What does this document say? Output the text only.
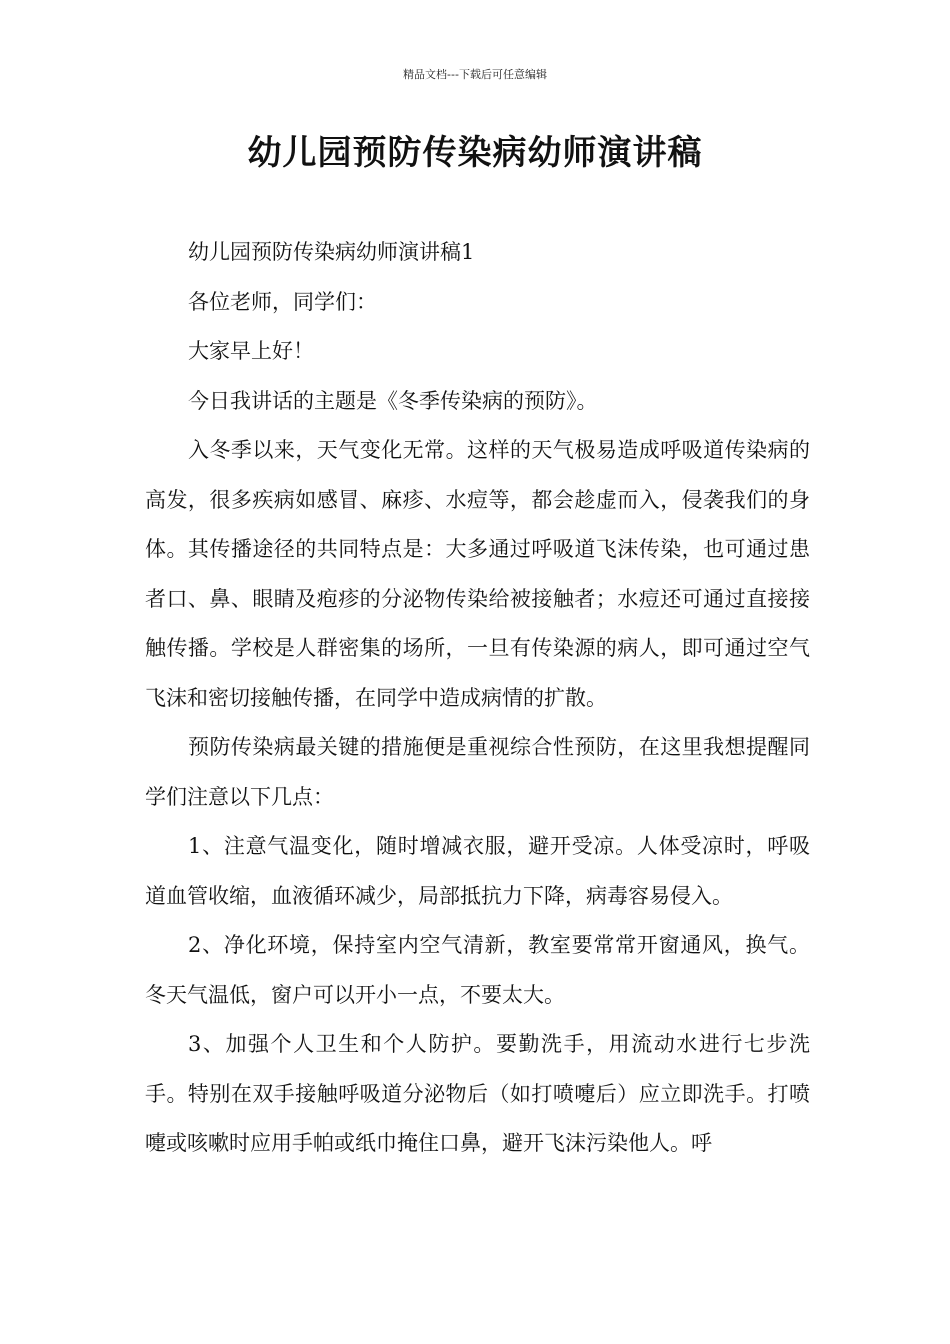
精品文档---下载后可任意编辑
幼儿园预防传染病幼师演讲稿

幼儿园预防传染病幼师演讲稿1

各位老师，同学们：

大家早上好！

今日我讲话的主题是《冬季传染病的预防》。

入冬季以来，天气变化无常。这样的天气极易造成呼吸道传染病的高发，很多疾病如感冒、麻疹、水痘等，都会趁虚而入，侵袭我们的身体。其传播途径的共同特点是：大多通过呼吸道飞沫传染，也可通过患者口、鼻、眼睛及疱疹的分泌物传染给被接触者；水痘还可通过直接接触传播。学校是人群密集的场所，一旦有传染源的病人，即可通过空气飞沫和密切接触传播，在同学中造成病情的扩散。

预防传染病最关键的措施便是重视综合性预防，在这里我想提醒同学们注意以下几点：

1、注意气温变化，随时增减衣服，避开受凉。人体受凉时，呼吸道血管收缩，血液循环减少，局部抵抗力下降，病毒容易侵入。

2、净化环境，保持室内空气清新，教室要常常开窗通风，换气。冬天气温低，窗户可以开小一点，不要太大。

3、加强个人卫生和个人防护。要勤洗手，用流动水进行七步洗手。特别在双手接触呼吸道分泌物后（如打喷嚏后）应立即洗手。打喷嚏或咳嗽时应用手帕或纸巾掩住口鼻，避开飞沫污染他人。呼
